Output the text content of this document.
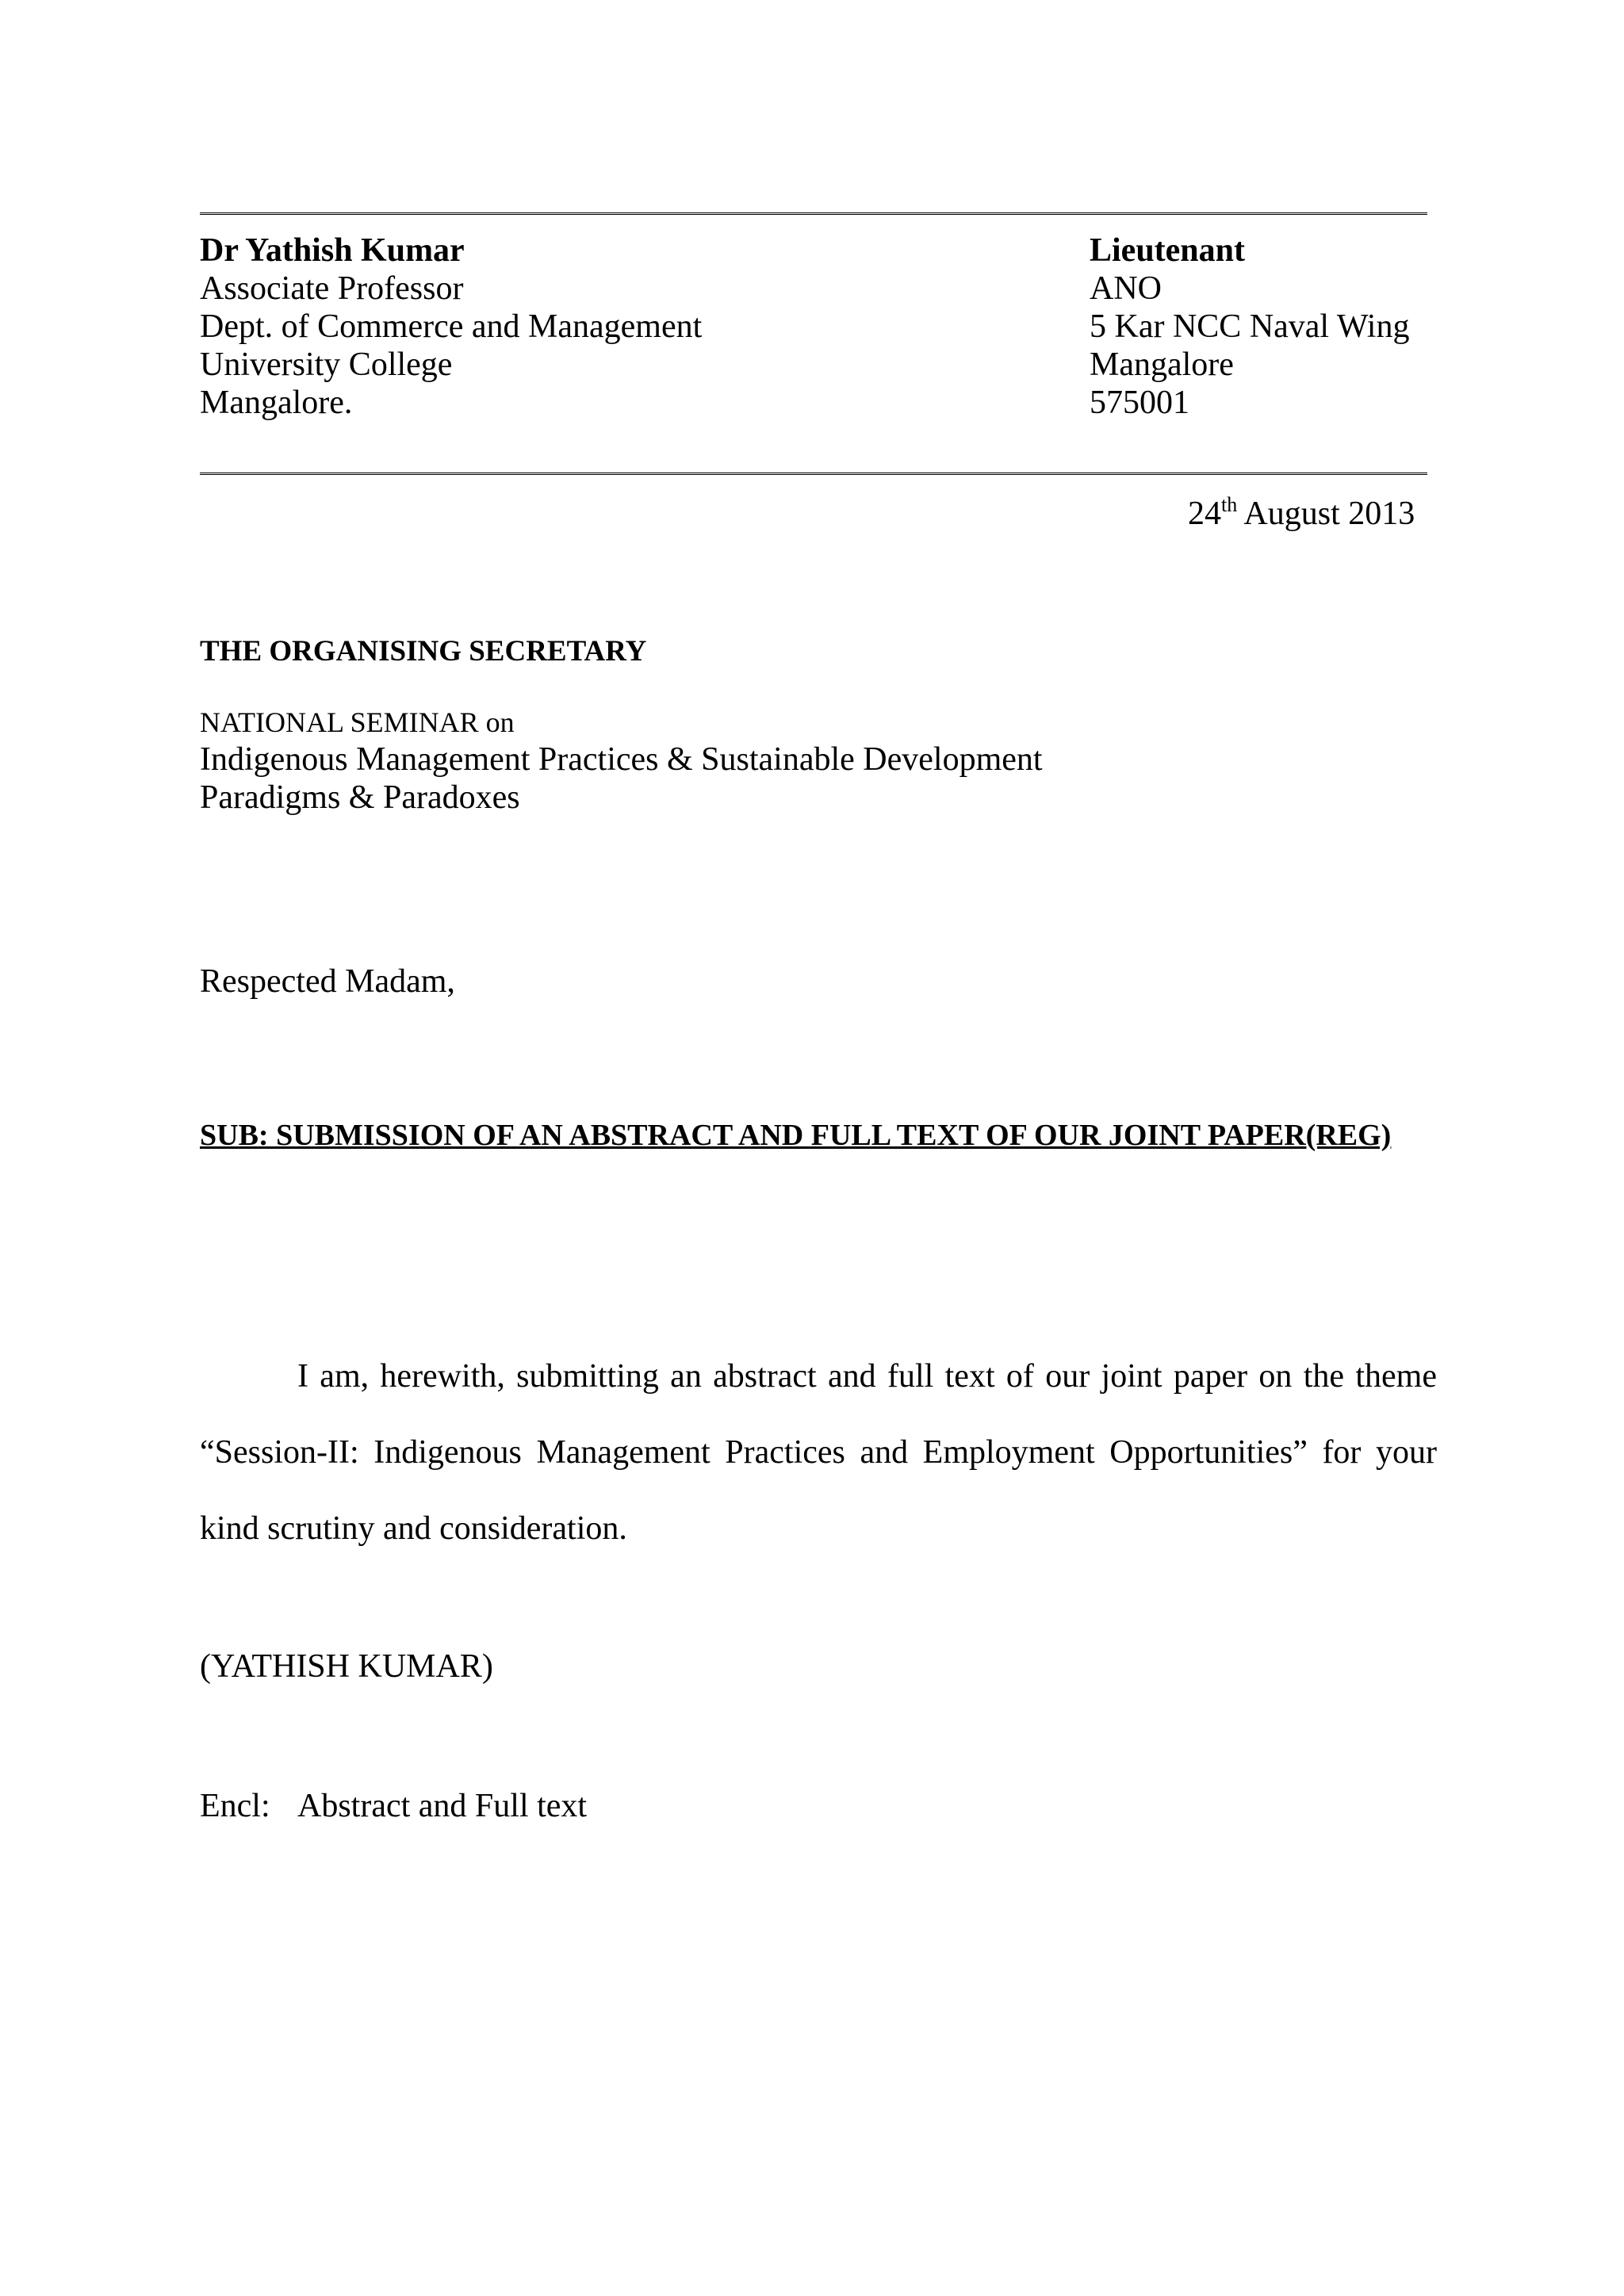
Dr Yathish Kumar
Associate Professor
Dept. of Commerce and Management
University College
Mangalore.
Lieutenant
ANO
5 Kar NCC Naval Wing
Mangalore
575001
24th August 2013
THE ORGANISING SECRETARY
NATIONAL SEMINAR on
Indigenous Management Practices & Sustainable Development
Paradigms & Paradoxes
Respected Madam,
SUB: SUBMISSION OF AN ABSTRACT AND FULL TEXT OF OUR JOINT PAPER(REG)
I am, herewith, submitting an abstract and full text of our joint paper on the theme “Session-II: Indigenous Management Practices and Employment Opportunities” for your kind scrutiny and consideration.
(YATHISH KUMAR)
Encl: Abstract and Full text
